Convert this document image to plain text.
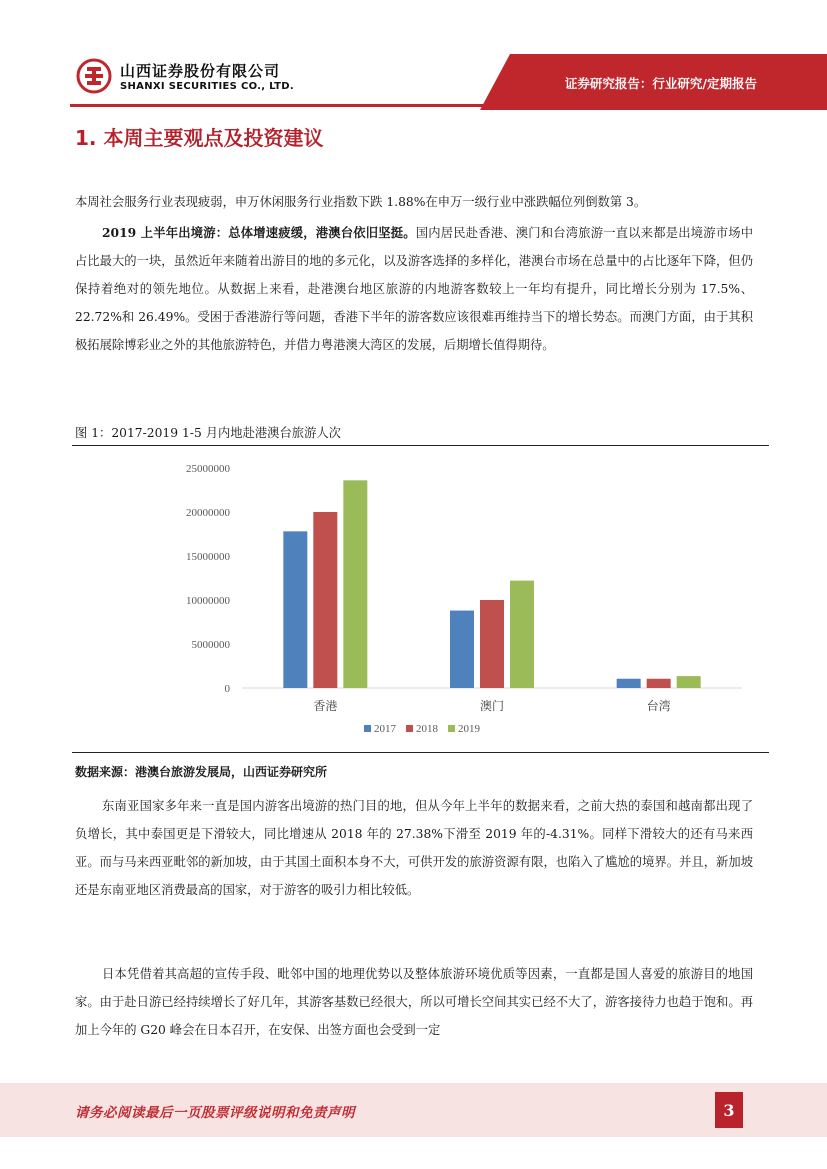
山西证券股份有限公司
SHANXI SECURITIES CO., LTD.	证券研究报告：行业研究/定期报告
1. 本周主要观点及投资建议
本周社会服务行业表现疲弱，申万休闲服务行业指数下跌 1.88%在申万一级行业中涨跌幅位列倒数第 3。
2019 上半年出境游：总体增速疲缓，港澳台依旧坚挺。国内居民赴香港、澳门和台湾旅游一直以来都是出境游市场中占比最大的一块，虽然近年来随着出游目的地的多元化，以及游客选择的多样化，港澳台市场在总量中的占比逐年下降，但仍保持着绝对的领先地位。从数据上来看，赴港澳台地区旅游的内地游客数较上一年均有提升，同比增长分别为 17.5%、22.72%和 26.49%。受困于香港游行等问题，香港下半年的游客数应该很难再维持当下的增长势态。而澳门方面，由于其积极拓展除博彩业之外的其他旅游特色，并借力粤港澳大湾区的发展，后期增长值得期待。
图 1：2017-2019 1-5 月内地赴港澳台旅游人次
0
5000000
10000000
15000000
20000000
25000000
香港	澳门	台湾
2017 2018 2019
数据来源：港澳台旅游发展局，山西证券研究所
东南亚国家多年来一直是国内游客出境游的热门目的地，但从今年上半年的数据来看，之前大热的泰国和越南都出现了负增长，其中泰国更是下滑较大，同比增速从 2018 年的 27.38%下滑至 2019 年的-4.31%。同样下滑较大的还有马来西亚。而与马来西亚毗邻的新加坡，由于其国土面积本身不大，可供开发的旅游资源有限，也陷入了尴尬的境界。并且，新加坡还是东南亚地区消费最高的国家，对于游客的吸引力相比较低。
日本凭借着其高超的宣传手段、毗邻中国的地理优势以及整体旅游环境优质等因素，一直都是国人喜爱的旅游目的地国家。由于赴日游已经持续增长了好几年，其游客基数已经很大，所以可增长空间其实已经不大了，游客接待力也趋于饱和。再加上今年的 G20 峰会在日本召开，在安保、出签方面也会受到一定
请务必阅读最后一页股票评级说明和免责声明	3
